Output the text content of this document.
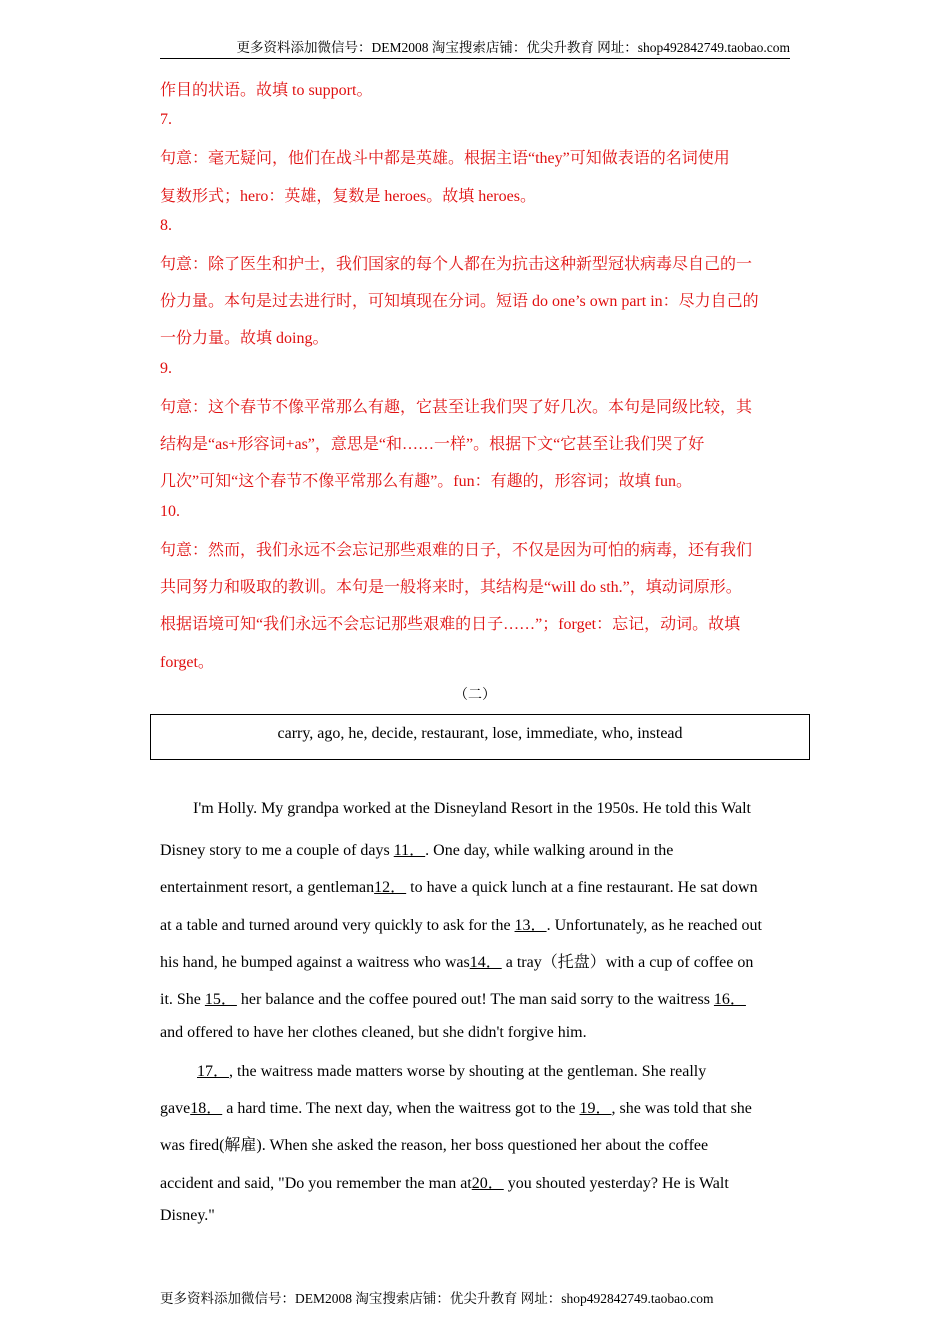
更多资料添加微信号：DEM2008 淘宝搜索店铺：优尖升教育 网址：shop492842749.taobao.com
作目的状语。故填 to support。
7.
句意：毫无疑问，他们在战斗中都是英雄。根据主语“they”可知做表语的名词使用
复数形式；hero：英雄，复数是 heroes。故填 heroes。
8.
句意：除了医生和护士，我们国家的每个人都在为抗击这种新型冠状病毒尽自己的一
份力量。本句是过去进行时，可知填现在分词。短语 do one’s own part in：尽力自己的
一份力量。故填 doing。
9.
句意：这个春节不像平常那么有趣，它甚至让我们哭了好几次。本句是同级比较，其
结构是“as+形容词+as”，意思是“和……一样”。根据下文“它甚至让我们哭了好
几次”可知“这个春节不像平常那么有趣”。fun：有趣的，形容词；故填 fun。
10.
句意：然而，我们永远不会忘记那些艰难的日子，不仅是因为可怕的病毒，还有我们
共同努力和吸取的教训。本句是一般将来时，其结构是“will do sth.”，填动词原形。
根据语境可知“我们永远不会忘记那些艰难的日子……”；forget：忘记，动词。故填
forget。
（二）
carry, ago, he, decide, restaurant, lose, immediate, who, instead
I'm Holly. My grandpa worked at the Disneyland Resort in the 1950s. He told this Walt
Disney story to me a couple of days 11．. One day, while walking around in the
entertainment resort, a gentleman12． to have a quick lunch at a fine restaurant. He sat down
at a table and turned around very quickly to ask for the 13．. Unfortunately, as he reached out
his hand, he bumped against a waitress who was14． a tray（托盘）with a cup of coffee on
it. She 15． her balance and the coffee poured out! The man said sorry to the waitress 16．
and offered to have her clothes cleaned, but she didn't forgive him.
17．, the waitress made matters worse by shouting at the gentleman. She really
gave18． a hard time. The next day, when the waitress got to the 19．, she was told that she
was fired(解雇). When she asked the reason, her boss questioned her about the coffee
accident and said, "Do you remember the man at20． you shouted yesterday? He is Walt
Disney."
更多资料添加微信号：DEM2008 淘宝搜索店铺：优尖升教育 网址：shop492842749.taobao.com
